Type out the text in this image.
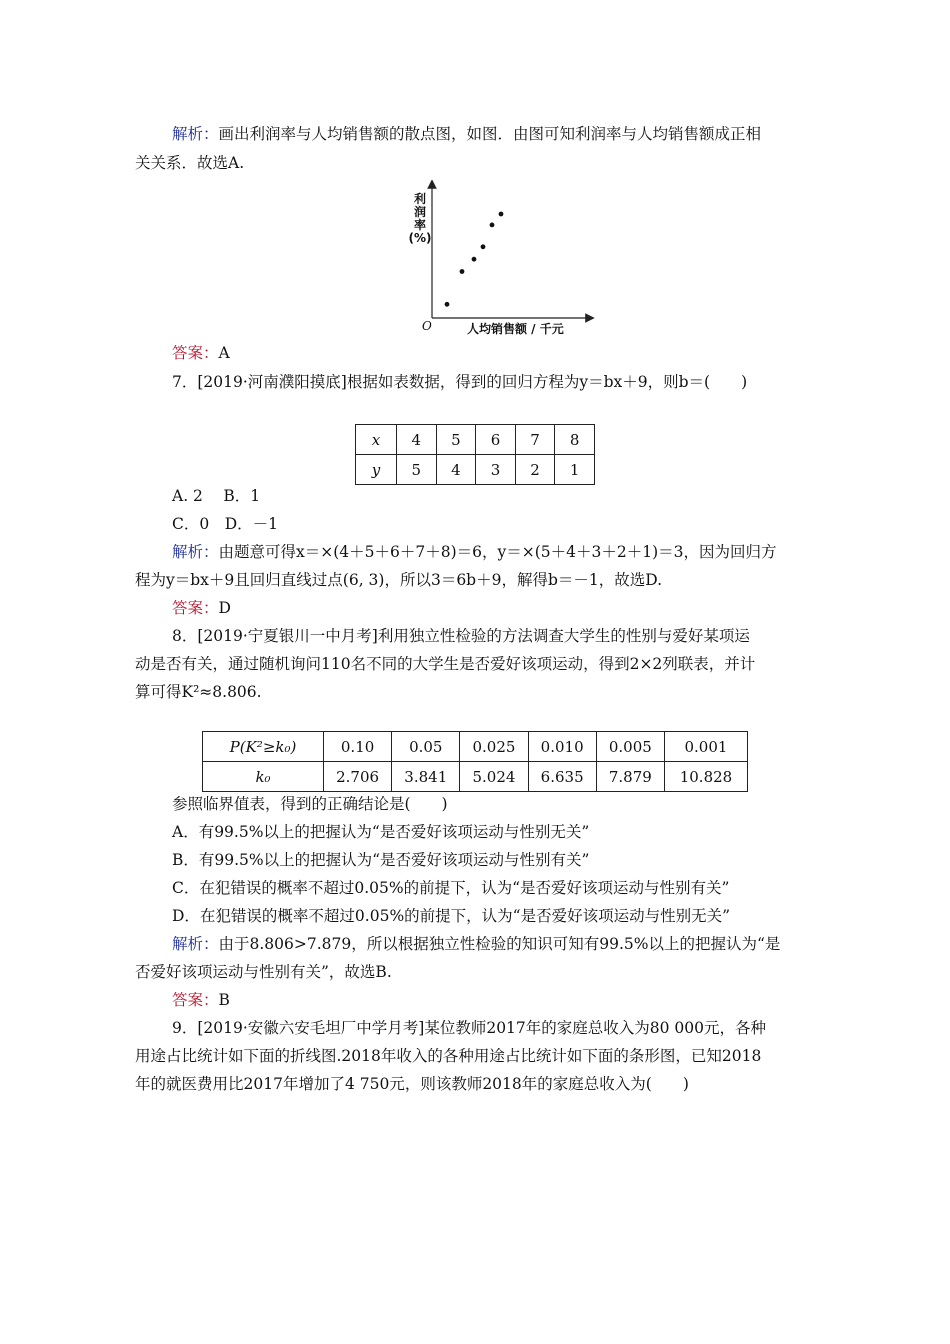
解析：画出利润率与人均销售额的散点图，如图．由图可知利润率与人均销售额成正相
关关系．故选A.
利
润
率
(%)
O	人均销售额 / 千元
答案：A
7．[2019·河南濮阳摸底]根据如表数据，得到的回归方程为y＝bx＋9，则b＝(　　)
x	4	5	6	7	8
y	5	4	3	2	1
A. 2　 B．1
C．0　D．－1
解析：由题意可得x＝×(4＋5＋6＋7＋8)＝6，y＝×(5＋4＋3＋2＋1)＝3，因为回归方
程为y＝bx＋9且回归直线过点(6, 3)，所以3＝6b＋9，解得b＝－1，故选D.
答案：D
8．[2019·宁夏银川一中月考]利用独立性检验的方法调查大学生的性别与爱好某项运
动是否有关，通过随机询问110名不同的大学生是否爱好该项运动，得到2×2列联表，并计
算可得K²≈8.806.
P(K²≥k₀)	0.10	0.05	0.025	0.010	0.005	0.001
k₀	2.706	3.841	5.024	6.635	7.879	10.828
参照临界值表，得到的正确结论是(　　)
A．有99.5%以上的把握认为“是否爱好该项运动与性别无关”
B．有99.5%以上的把握认为“是否爱好该项运动与性别有关”
C．在犯错误的概率不超过0.05%的前提下，认为“是否爱好该项运动与性别有关”
D．在犯错误的概率不超过0.05%的前提下，认为“是否爱好该项运动与性别无关”
解析：由于8.806>7.879，所以根据独立性检验的知识可知有99.5%以上的把握认为“是
否爱好该项运动与性别有关”，故选B.
答案：B
9．[2019·安徽六安毛坦厂中学月考]某位教师2017年的家庭总收入为80 000元，各种
用途占比统计如下面的折线图.2018年收入的各种用途占比统计如下面的条形图，已知2018
年的就医费用比2017年增加了4 750元，则该教师2018年的家庭总收入为(　　)
